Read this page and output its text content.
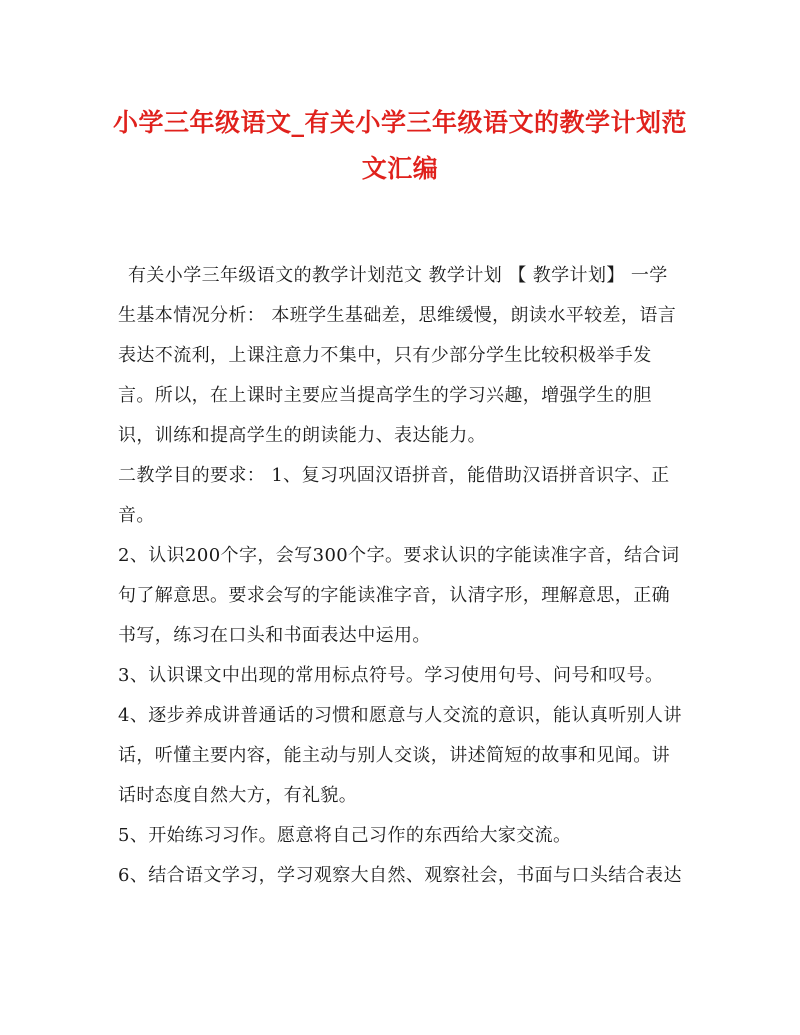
小学三年级语文_有关小学三年级语文的教学计划范文汇编

有关小学三年级语文的教学计划范文 教学计划 【 教学计划】 一学生基本情况分析： 本班学生基础差，思维缓慢，朗读水平较差，语言表达不流利，上课注意力不集中，只有少部分学生比较积极举手发言。所以，在上课时主要应当提高学生的学习兴趣，增强学生的胆识，训练和提高学生的朗读能力、表达能力。

二教学目的要求： 1、复习巩固汉语拼音，能借助汉语拼音识字、正音。

2、认识200个字，会写300个字。要求认识的字能读准字音，结合词句了解意思。要求会写的字能读准字音，认清字形，理解意思，正确书写，练习在口头和书面表达中运用。

3、认识课文中出现的常用标点符号。学习使用句号、问号和叹号。

4、逐步养成讲普通话的习惯和愿意与人交流的意识，能认真听别人讲话，听懂主要内容，能主动与别人交谈，讲述简短的故事和见闻。讲话时态度自然大方，有礼貌。

5、开始练习习作。愿意将自己习作的东西给大家交流。

6、结合语文学习，学习观察大自然、观察社会，书面与口头结合表达
